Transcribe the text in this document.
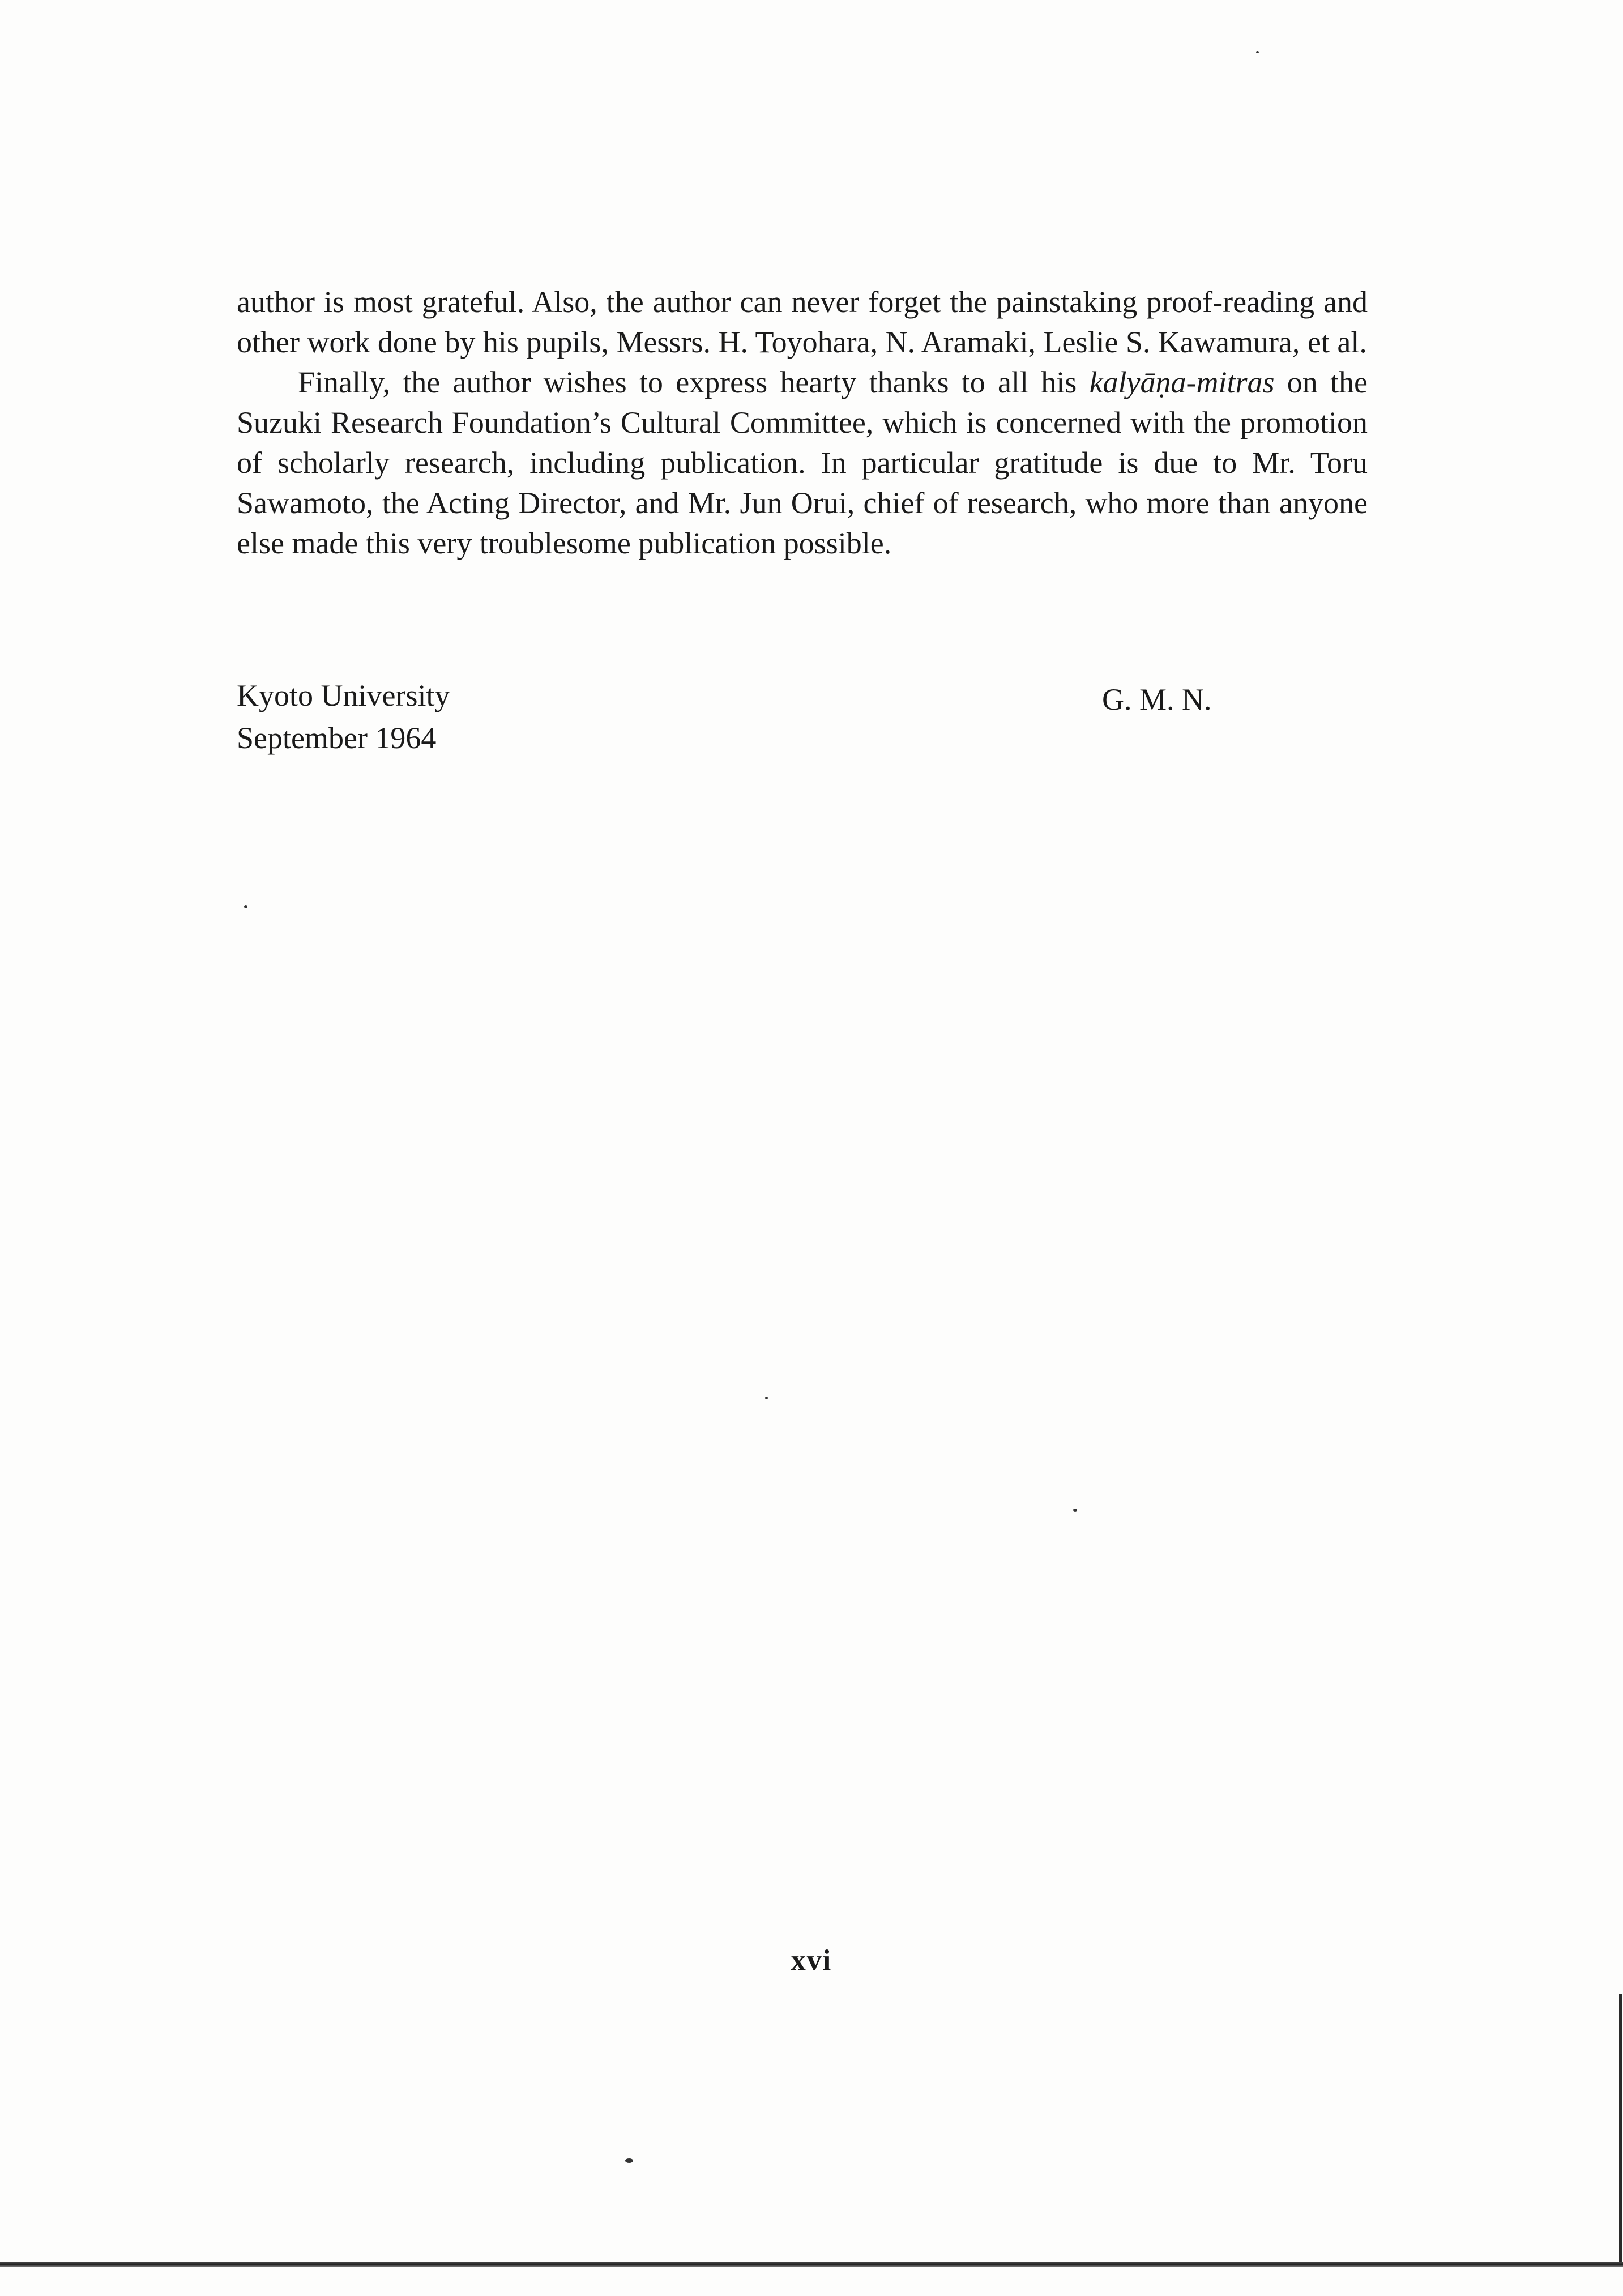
author is most grateful. Also, the author can never forget the painstaking proof-reading and other work done by his pupils, Messrs. H. Toyohara, N. Aramaki, Leslie S. Kawamura, et al.

Finally, the author wishes to express hearty thanks to all his kalyāṇa-mitras on the Suzuki Research Foundation’s Cultural Committee, which is concerned with the promotion of scholarly research, including publication. In particular gratitude is due to Mr. Toru Sawamoto, the Acting Director, and Mr. Jun Orui, chief of research, who more than anyone else made this very troublesome publication possible.

Kyoto University
September 1964
G. M. N.
xvi
